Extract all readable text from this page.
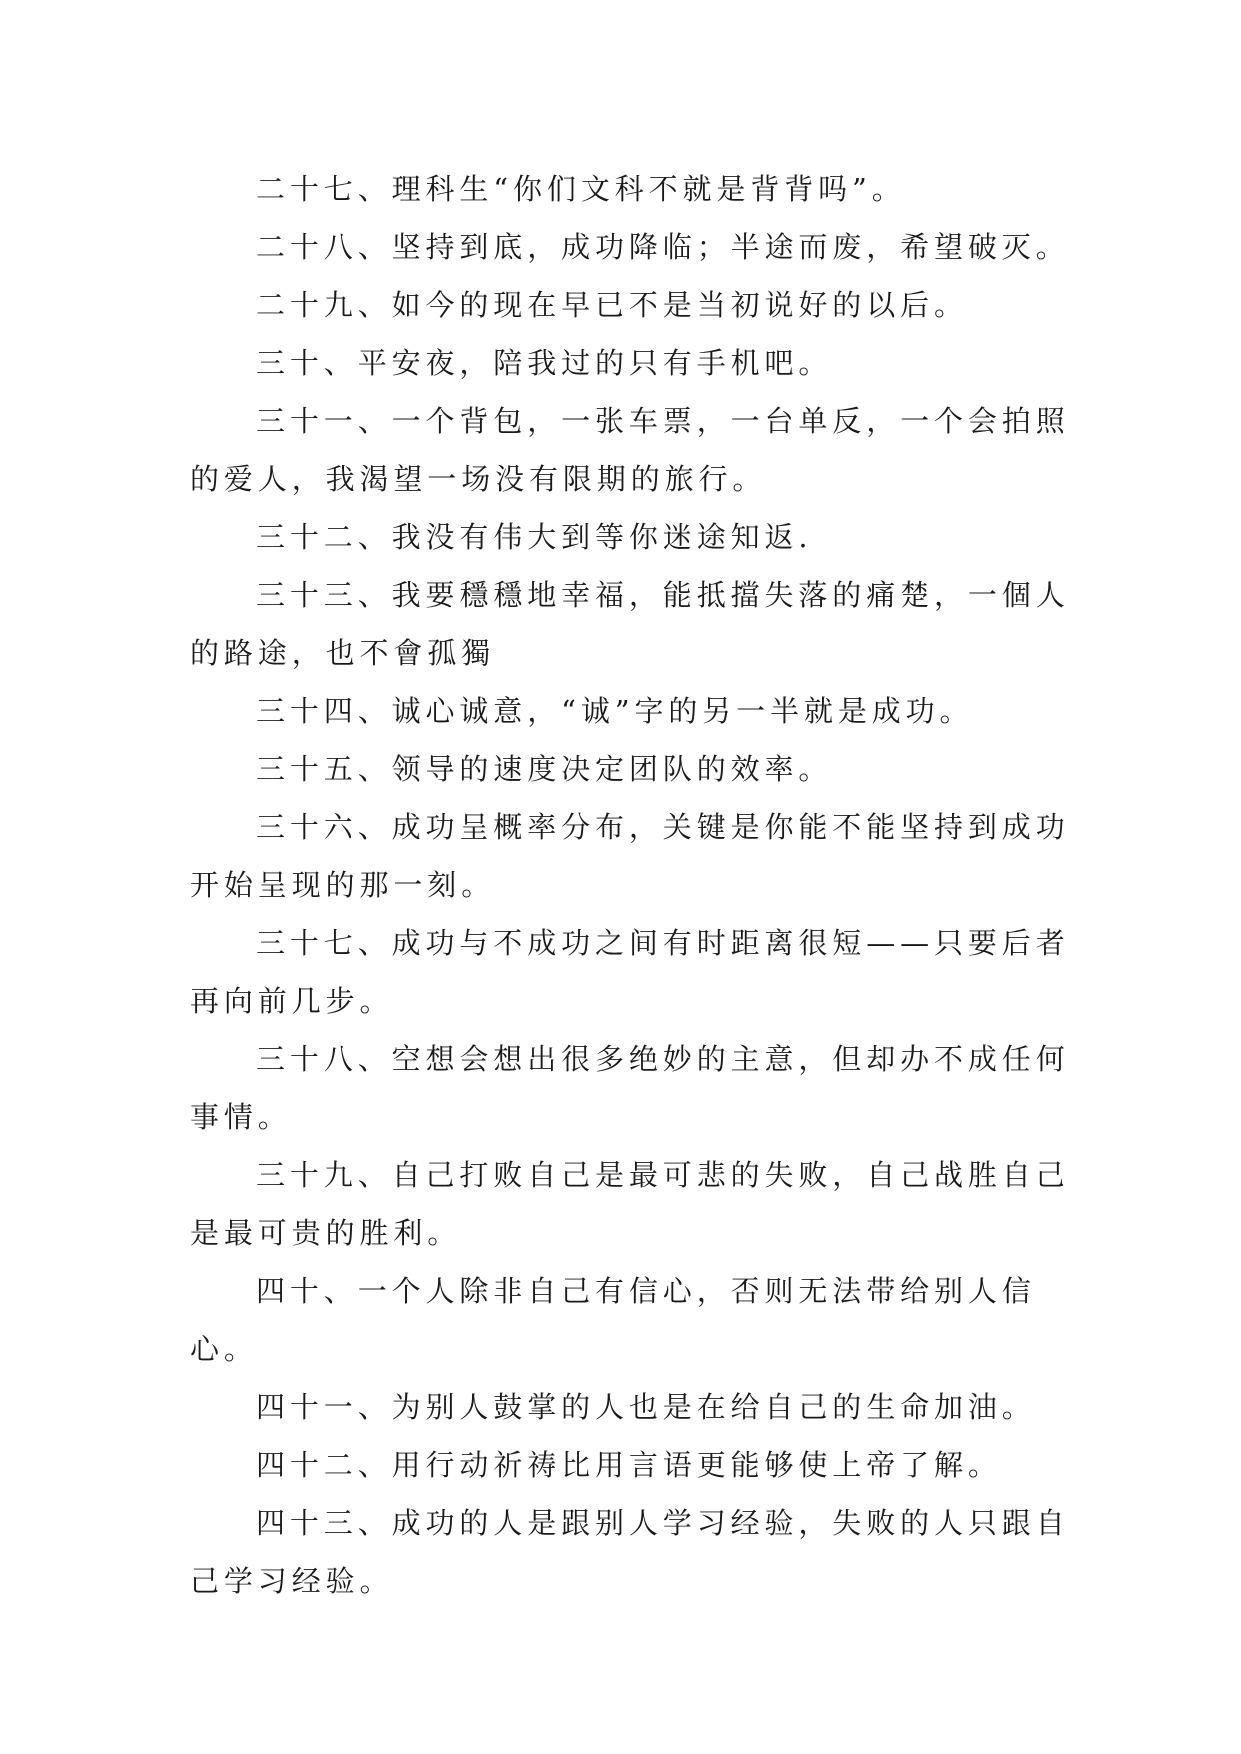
二十七、理科生“你们文科不就是背背吗”。

二十八、坚持到底，成功降临；半途而废，希望破灭。

二十九、如今的现在早已不是当初说好的以后。

三十、平安夜，陪我过的只有手机吧。

三十一、一个背包，一张车票，一台单反，一个会拍照的爱人，我渴望一场没有限期的旅行。

三十二、我没有伟大到等你迷途知返.

三十三、我要穩穩地幸福，能抵擋失落的痛楚，一個人的路途，也不會孤獨

三十四、诚心诚意，“诚”字的另一半就是成功。

三十五、领导的速度决定团队的效率。

三十六、成功呈概率分布，关键是你能不能坚持到成功开始呈现的那一刻。

三十七、成功与不成功之间有时距离很短——只要后者再向前几步。

三十八、空想会想出很多绝妙的主意，但却办不成任何事情。

三十九、自己打败自己是最可悲的失败，自己战胜自己是最可贵的胜利。

四十、一个人除非自己有信心，否则无法带给别人信心。

四十一、为别人鼓掌的人也是在给自己的生命加油。

四十二、用行动祈祷比用言语更能够使上帝了解。

四十三、成功的人是跟别人学习经验，失败的人只跟自己学习经验。
